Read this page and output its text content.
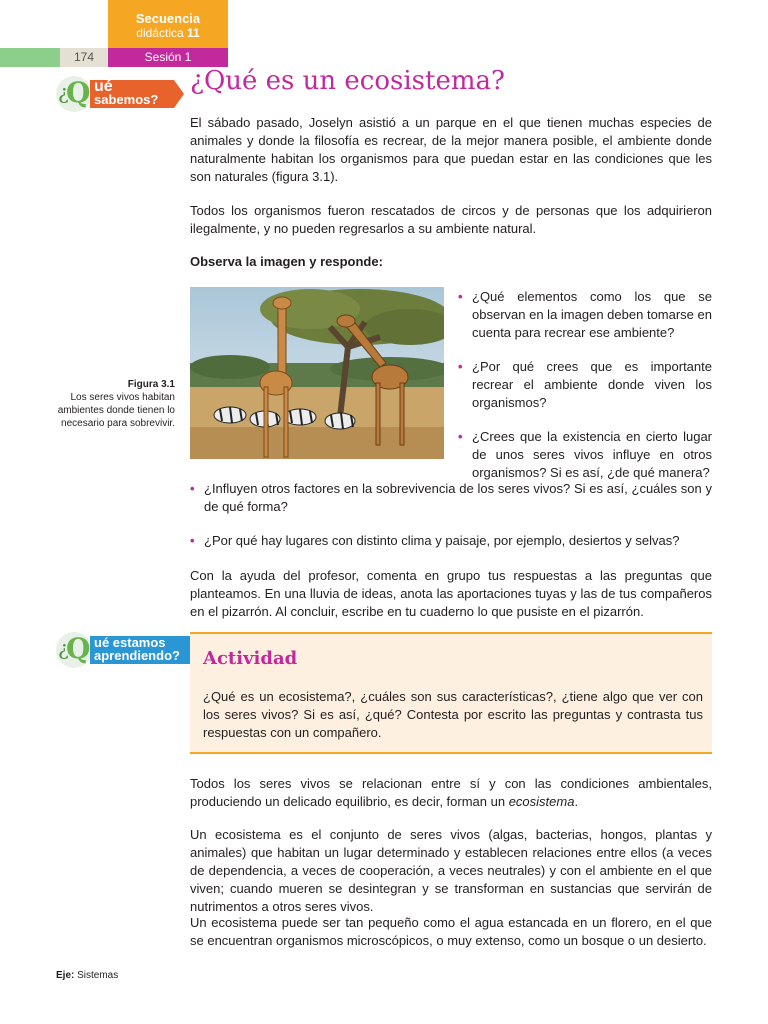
Secuencia
didáctica 11
174	Sesión 1
¿
Q ué
sabemos?
¿Qué es un ecosistema?

El sábado pasado, Joselyn asistió a un parque en el que tienen muchas especies de animales y donde la filosofía es recrear, de la mejor manera posible, el ambiente donde naturalmente habitan los organismos para que puedan estar en las condiciones que les son naturales (figura 3.1).

Todos los organismos fueron rescatados de circos y de personas que los adquirieron ilegalmente, y no pueden regresarlos a su ambiente natural.

Observa la imagen y responde:

Figura 3.1
Los seres vivos habitan ambientes donde tienen lo necesario para sobrevivir.
• ¿Qué elementos como los que se observan en la imagen deben tomarse en cuenta para recrear ese ambiente?
• ¿Por qué crees que es importante recrear el ambiente donde viven los organismos?
• ¿Crees que la existencia en cierto lugar de unos seres vivos influye en otros organismos? Si es así, ¿de qué manera?
• ¿Influyen otros factores en la sobrevivencia de los seres vivos? Si es así, ¿cuáles son y de qué forma?
• ¿Por qué hay lugares con distinto clima y paisaje, por ejemplo, desiertos y selvas?

Con la ayuda del profesor, comenta en grupo tus respuestas a las preguntas que planteamos. En una lluvia de ideas, anota las aportaciones tuyas y las de tus compañeros en el pizarrón. Al concluir, escribe en tu cuaderno lo que pusiste en el pizarrón.

¿
Q ué estamos
aprendiendo?	Actividad

¿Qué es un ecosistema?, ¿cuáles son sus características?, ¿tiene algo que ver con los seres vivos? Si es así, ¿qué? Contesta por escrito las preguntas y contrasta tus respuestas con un compañero.

Todos los seres vivos se relacionan entre sí y con las condiciones ambientales, produciendo un delicado equilibrio, es decir, forman un ecosistema.

Un ecosistema es el conjunto de seres vivos (algas, bacterias, hongos, plantas y animales) que habitan un lugar determinado y establecen relaciones entre ellos (a veces de dependencia, a veces de cooperación, a veces neutrales) y con el ambiente en el que viven; cuando mueren se desintegran y se transforman en sustancias que servirán de nutrimentos a otros seres vivos.

Un ecosistema puede ser tan pequeño como el agua estancada en un florero, en el que se encuentran organismos microscópicos, o muy extenso, como un bosque o un desierto.

Eje: Sistemas
